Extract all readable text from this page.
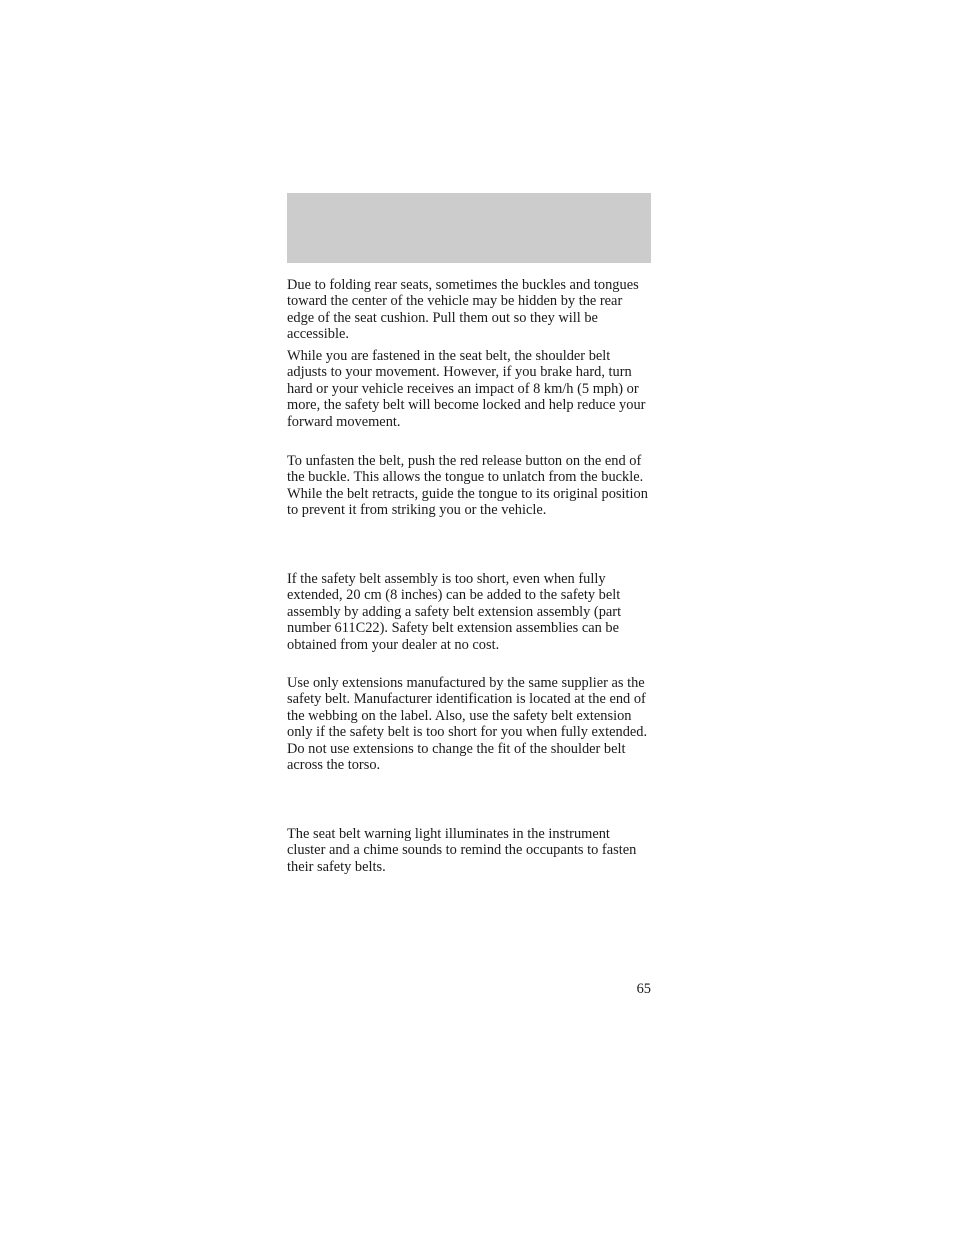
Due to folding rear seats, sometimes the buckles and tongues toward the center of the vehicle may be hidden by the rear edge of the seat cushion. Pull them out so they will be accessible.

While you are fastened in the seat belt, the shoulder belt adjusts to your movement. However, if you brake hard, turn hard or your vehicle receives an impact of 8 km/h (5 mph) or more, the safety belt will become locked and help reduce your forward movement.

To unfasten the belt, push the red release button on the end of the buckle. This allows the tongue to unlatch from the buckle. While the belt retracts, guide the tongue to its original position to prevent it from striking you or the vehicle.

If the safety belt assembly is too short, even when fully extended, 20 cm (8 inches) can be added to the safety belt assembly by adding a safety belt extension assembly (part number 611C22). Safety belt extension assemblies can be obtained from your dealer at no cost.

Use only extensions manufactured by the same supplier as the safety belt. Manufacturer identification is located at the end of the webbing on the label. Also, use the safety belt extension only if the safety belt is too short for you when fully extended. Do not use extensions to change the fit of the shoulder belt across the torso.

The seat belt warning light illuminates in the instrument cluster and a chime sounds to remind the occupants to fasten their safety belts.

65
